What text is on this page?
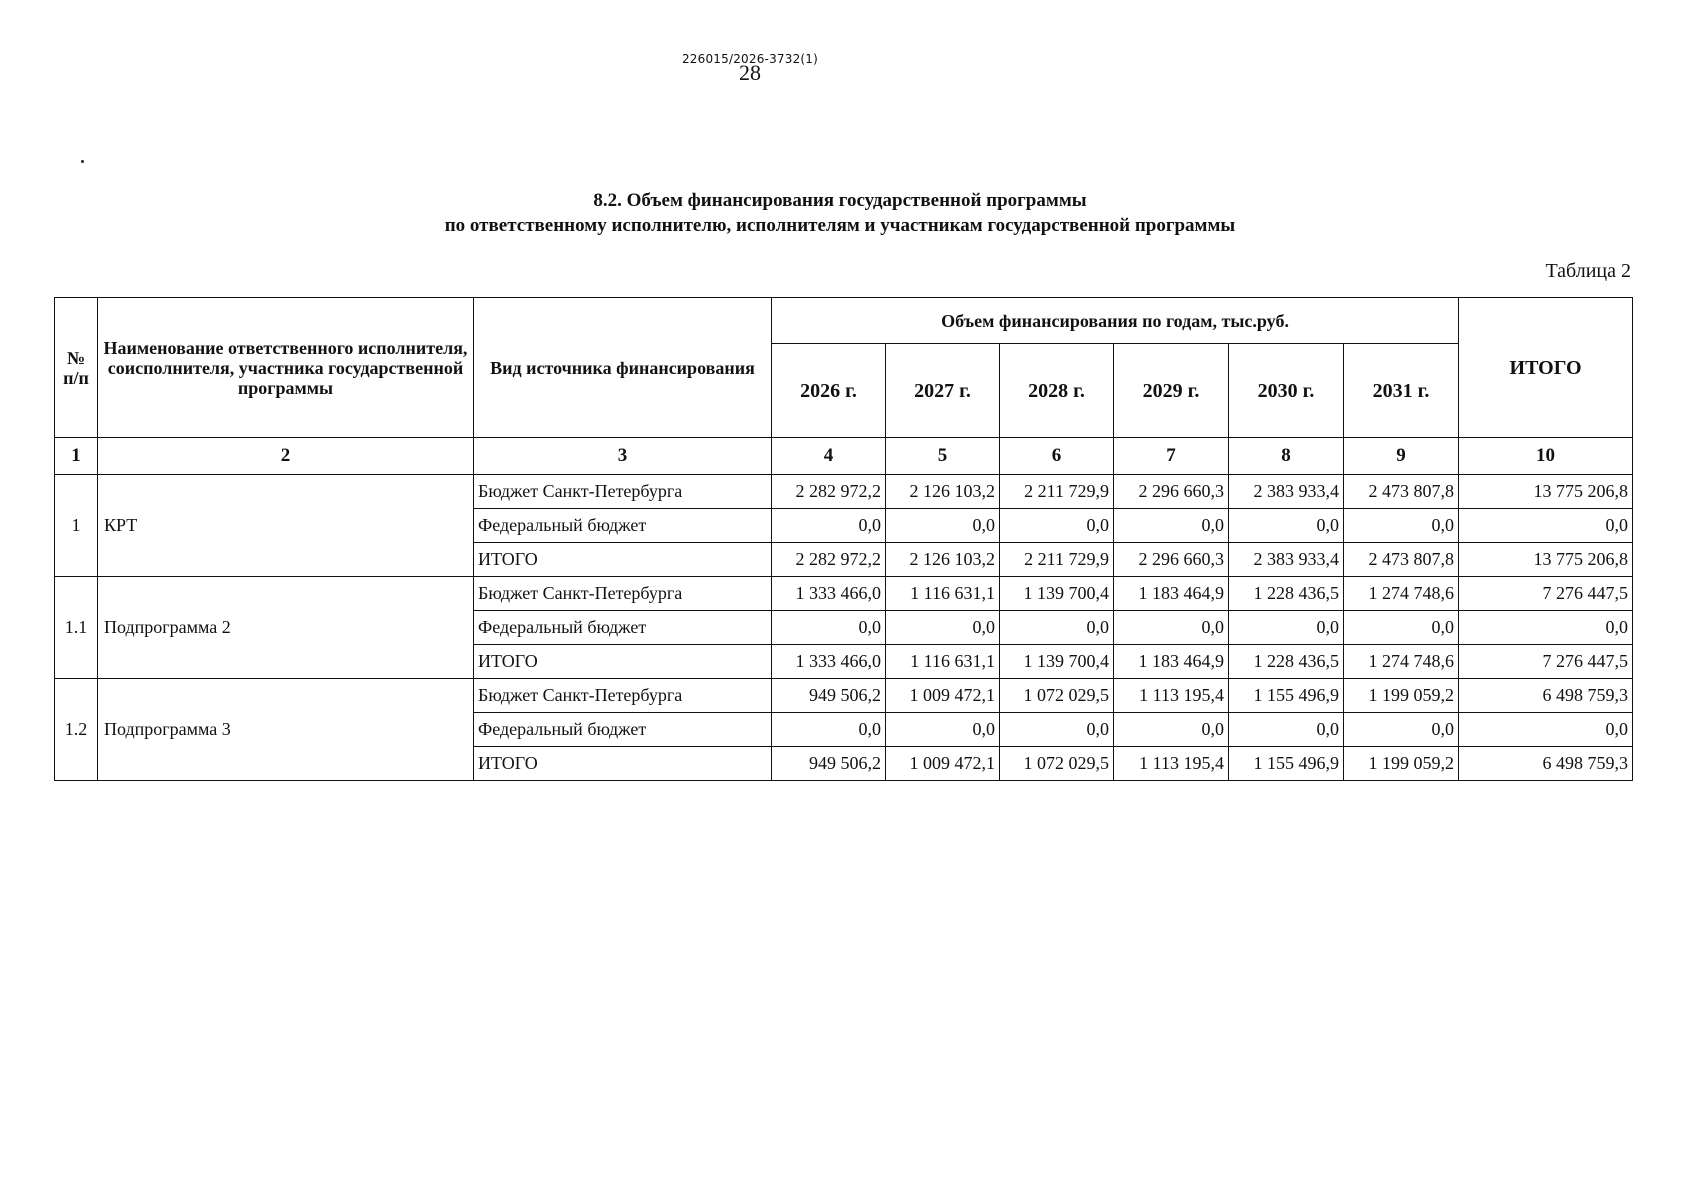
28
226015/2026-3732(1)
8.2. Объем финансирования государственной программы
по ответственному исполнителю, исполнителям и участникам государственной программы
Таблица 2
№ п/п	Наименование ответственного исполнителя, соисполнителя, участника государственной программы	Вид источника финансирования	Объем финансирования по годам, тыс.руб.						ИТОГО
			2026 г.	2027 г.	2028 г.	2029 г.	2030 г.	2031 г.	
1	2	3	4	5	6	7	8	9	10
1	КРТ	Бюджет Санкт-Петербурга	2 282 972,2	2 126 103,2	2 211 729,9	2 296 660,3	2 383 933,4	2 473 807,8	13 775 206,8
		Федеральный бюджет	0,0	0,0	0,0	0,0	0,0	0,0	0,0
		ИТОГО	2 282 972,2	2 126 103,2	2 211 729,9	2 296 660,3	2 383 933,4	2 473 807,8	13 775 206,8
1.1	Подпрограмма 2	Бюджет Санкт-Петербурга	1 333 466,0	1 116 631,1	1 139 700,4	1 183 464,9	1 228 436,5	1 274 748,6	7 276 447,5
		Федеральный бюджет	0,0	0,0	0,0	0,0	0,0	0,0	0,0
		ИТОГО	1 333 466,0	1 116 631,1	1 139 700,4	1 183 464,9	1 228 436,5	1 274 748,6	7 276 447,5
1.2	Подпрограмма 3	Бюджет Санкт-Петербурга	949 506,2	1 009 472,1	1 072 029,5	1 113 195,4	1 155 496,9	1 199 059,2	6 498 759,3
		Федеральный бюджет	0,0	0,0	0,0	0,0	0,0	0,0	0,0
		ИТОГО	949 506,2	1 009 472,1	1 072 029,5	1 113 195,4	1 155 496,9	1 199 059,2	6 498 759,3
